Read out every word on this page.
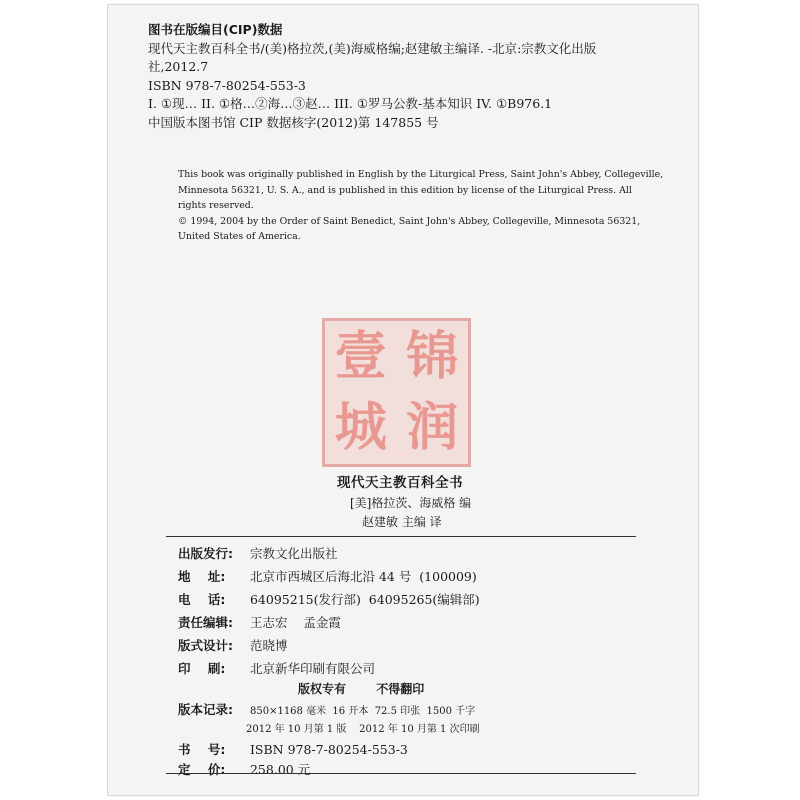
图书在版编目(CIP)数据
现代天主教百科全书/(美)格拉茨,(美)海威格编;赵建敏主编译. -北京:宗教文化出版
社,2012.7
ISBN 978-7-80254-553-3
I. ①现… II. ①格…②海…③赵… III. ①罗马公教-基本知识 IV. ①B976.1
中国版本图书馆 CIP 数据核字(2012)第 147855 号
This book was originally published in English by the Liturgical Press, Saint John's Abbey, Collegeville,
Minnesota 56321, U. S. A., and is published in this edition by license of the Liturgical Press. All
rights reserved.
© 1994, 2004 by the Order of Saint Benedict, Saint John's Abbey, Collegeville, Minnesota 56321,
United States of America.
壹 锦
城 润
现代天主教百科全书
[美]格拉茨、海威格 编
赵建敏 主编 译
出版发行: 宗教文化出版社
地    址: 北京市西城区后海北沿 44 号  (100009)
电    话: 64095215(发行部)  64095265(编辑部)
责任编辑: 王志宏    孟金霞
版式设计: 范晓博
印    刷: 北京新华印刷有限公司
版权专有	不得翻印
版本记录: 850×1168 毫米  16 开本  72.5 印张  1500 千字
2012 年 10 月第 1 版    2012 年 10 月第 1 次印刷
书    号: ISBN 978-7-80254-553-3
定    价: 258.00 元
